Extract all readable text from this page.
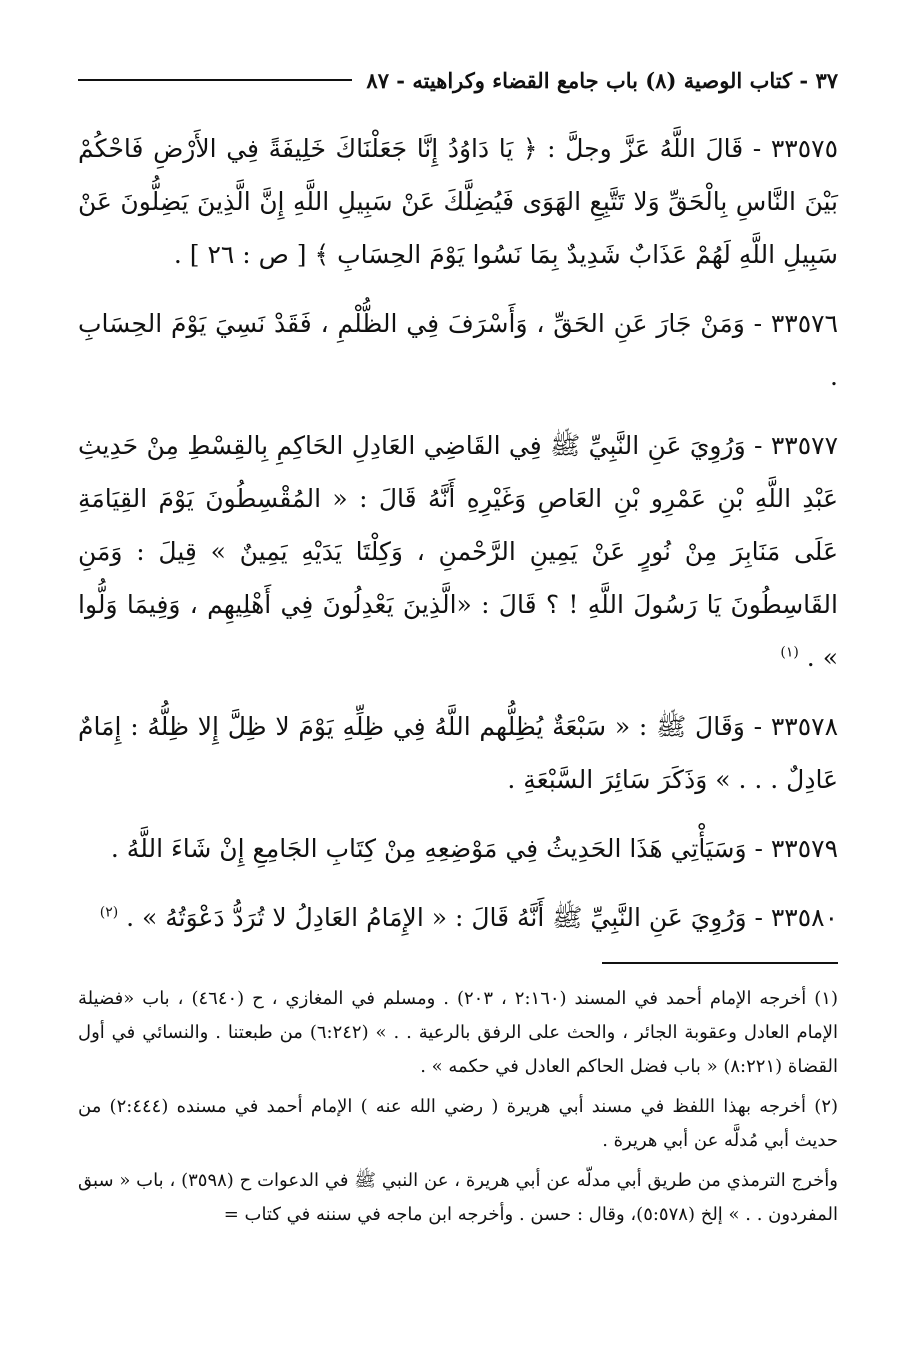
٣٧ - كتاب الوصية (٨) باب جامع القضاء وكراهيته - ٨٧

٣٣٥٧٥ - قَالَ اللَّهُ عَزَّ وجلَّ : ﴿ يَا دَاوُدُ إِنَّا جَعَلْنَاكَ خَلِيفَةً فِي الأَرْضِ فَاحْكُمْ بَيْنَ النَّاسِ بِالْحَقِّ وَلا تَتَّبِعِ الهَوَى فَيُضِلَّكَ عَنْ سَبِيلِ اللَّهِ إِنَّ الَّذِينَ يَضِلُّونَ عَنْ سَبِيلِ اللَّهِ لَهُمْ عَذَابٌ شَدِيدٌ بِمَا نَسُوا يَوْمَ الحِسَابِ ﴾ [ ص : ٢٦ ] .

٣٣٥٧٦ - وَمَنْ جَارَ عَنِ الحَقِّ ، وَأَسْرَفَ فِي الظُّلْمِ ، فَقَدْ نَسِيَ يَوْمَ الحِسَابِ .

٣٣٥٧٧ - وَرُوِيَ عَنِ النَّبِيِّ ﷺ فِي القَاضِي العَادِلِ الحَاكِمِ بِالقِسْطِ مِنْ حَدِيثِ عَبْدِ اللَّهِ بْنِ عَمْرِو بْنِ العَاصِ وَغَيْرِهِ أَنَّهُ قَالَ : « المُقْسِطُونَ يَوْمَ القِيَامَةِ عَلَى مَنَابِرَ مِنْ نُورٍ عَنْ يَمِينِ الرَّحْمنِ ، وَكِلْتَا يَدَيْهِ يَمِينٌ » قِيلَ : وَمَنِ القَاسِطُونَ يَا رَسُولَ اللَّهِ ! ؟ قَالَ : «الَّذِينَ يَعْدِلُونَ فِي أَهْلِيهِم ، وَفِيمَا وَلُّوا » . $^{(١)}$

٣٣٥٧٨ - وَقَالَ ﷺ : « سَبْعَةٌ يُظِلُّهم اللَّهُ فِي ظِلِّهِ يَوْمَ لا ظِلَّ إِلا ظِلُّهُ : إِمَامٌ عَادِلٌ . . . » وَذَكَرَ سَائِرَ السَّبْعَةِ .

٣٣٥٧٩ - وَسَيَأْتِي هَذَا الحَدِيثُ فِي مَوْضِعِهِ مِنْ كِتَابِ الجَامِعِ إِنْ شَاءَ اللَّهُ .

٣٣٥٨٠ - وَرُوِيَ عَنِ النَّبِيِّ ﷺ أَنَّهُ قَالَ : « الإِمَامُ العَادِلُ لا تُرَدُّ دَعْوَتُهُ » . $^{(٢)}$

(١) أخرجه الإمام أحمد في المسند (٢:١٦٠ ، ٢٠٣) . ومسلم في المغازي ، ح (٤٦٤٠) ، باب «فضيلة الإمام العادل وعقوبة الجائر ، والحث على الرفق بالرعية . . » (٦:٢٤٢) من طبعتنا . والنسائي في أول القضاة (٨:٢٢١) « باب فضل الحاكم العادل في حكمه » .

(٢) أخرجه بهذا اللفظ في مسند أبي هريرة ( رضي الله عنه ) الإمام أحمد في مسنده (٢:٤٤٤) من حديث أبي مُدلَّه عن أبي هريرة .

وأخرج الترمذي من طريق أبي مدلّه عن أبي هريرة ، عن النبي ﷺ في الدعوات ح (٣٥٩٨) ، باب « سبق المفردون . . » إلخ (٥:٥٧٨)، وقال : حسن . وأخرجه ابن ماجه في سننه في كتاب =
